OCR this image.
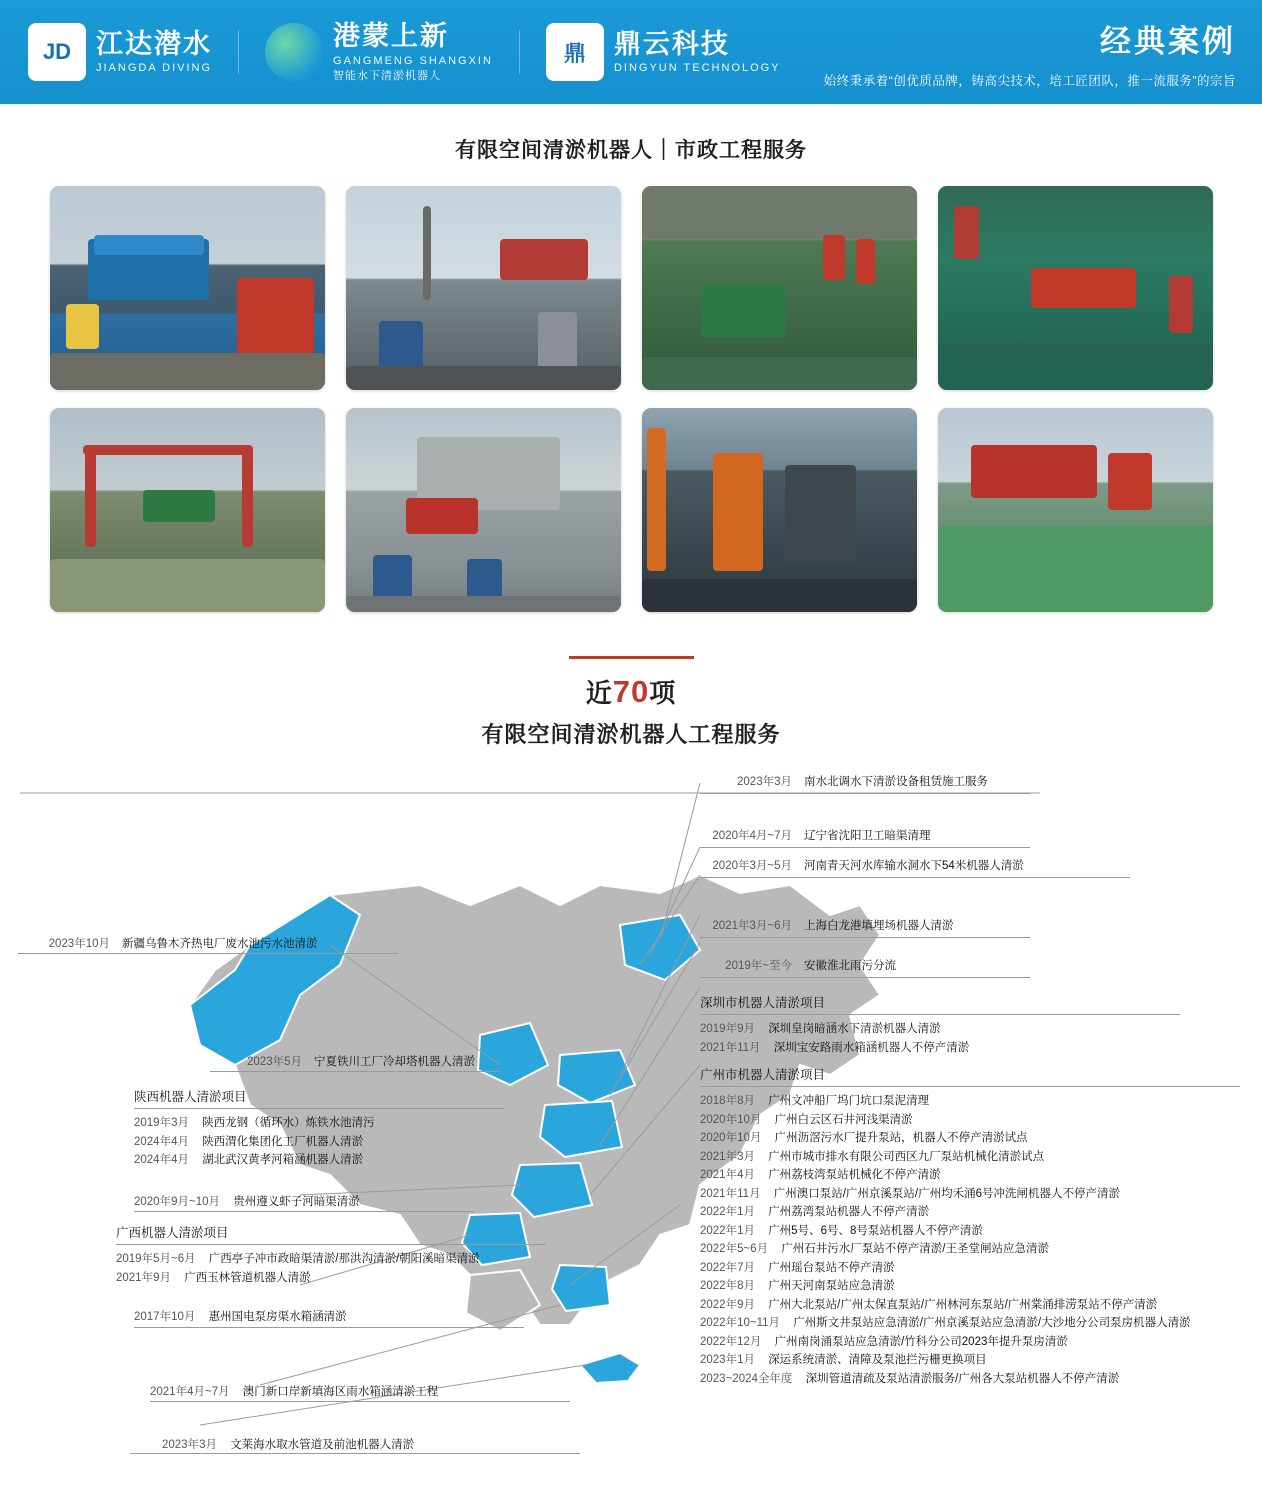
JD 江达潜水
JIANGDA DIVING
港蒙上新
GANGMENG SHANGXIN
智能水下清淤机器人
鼎 鼎云科技
DINGYUN TECHNOLOGY
经典案例
始终秉承着“创优质品牌，铸高尖技术，培工匠团队，推一流服务”的宗旨
有限空间清淤机器人｜市政工程服务
近70项
有限空间清淤机器人工程服务
2023年10月 新疆乌鲁木齐热电厂废水池污水池清淤
2023年5月 宁夏铁川工厂冷却塔机器人清淤
陕西机器人清淤项目
2019年3月 陕西龙钢（循环水）炼铁水池清污
2024年4月 陕西渭化集团化工厂机器人清淤
2024年4月 湖北武汉黄孝河箱涵机器人清淤
2020年9月~10月 贵州遵义虾子河暗渠清淤
广西机器人清淤项目
2019年5月~6月 广西亭子冲市政暗渠清淤/那洪沟清淤/朝阳溪暗渠清淤
2021年9月 广西玉林管道机器人清淤
2017年10月 惠州国电泵房渠水箱涵清淤
2021年4月~7月 澳门新口岸新填海区雨水箱涵清淤工程
2023年3月 文莱海水取水管道及前池机器人清淤
2023年3月 南水北调水下清淤设备租赁施工服务
2020年4月~7月 辽宁省沈阳卫工暗渠清理
2020年3月~5月 河南青天河水库输水洞水下54米机器人清淤
2021年3月~6月 上海白龙港填埋场机器人清淤
2019年~至今 安徽淮北雨污分流
深圳市机器人清淤项目
2019年9月 深圳皇岗暗涵水下清淤机器人清淤
2021年11月 深圳宝安路雨水箱涵机器人不停产清淤
广州市机器人清淤项目
2018年8月 广州文冲船厂坞门坑口泵泥清理
2020年10月 广州白云区石井河浅渠清淤
2020年10月 广州沥滘污水厂提升泵站，机器人不停产清淤试点
2021年3月 广州市城市排水有限公司西区九厂泵站机械化清淤试点
2021年4月 广州荔枝湾泵站机械化不停产清淤
2021年11月 广州澳口泵站/广州京溪泵站/广州均禾涌6号冲洗闸机器人不停产清淤
2022年1月 广州荔湾泵站机器人不停产清淤
2022年1月 广州5号、6号、8号泵站机器人不停产清淤
2022年5~6月 广州石井污水厂泵站不停产清淤/王圣堂闸站应急清淤
2022年7月 广州瑶台泵站不停产清淤
2022年8月 广州天河南泵站应急清淤
2022年9月 广州大北泵站/广州太保直泵站/广州林河东泵站/广州棠涌排涝泵站不停产清淤
2022年10~11月 广州斯文井泵站应急清淤/广州京溪泵站应急清淤/大沙地分公司泵房机器人清淤
2022年12月 广州南岗涌泵站应急清淤/竹科分公司2023年提升泵房清淤
2023年1月 深运系统清淤、清障及泵池拦污栅更换项目
2023~2024全年度 深圳管道清疏及泵站清淤服务/广州各大泵站机器人不停产清淤
